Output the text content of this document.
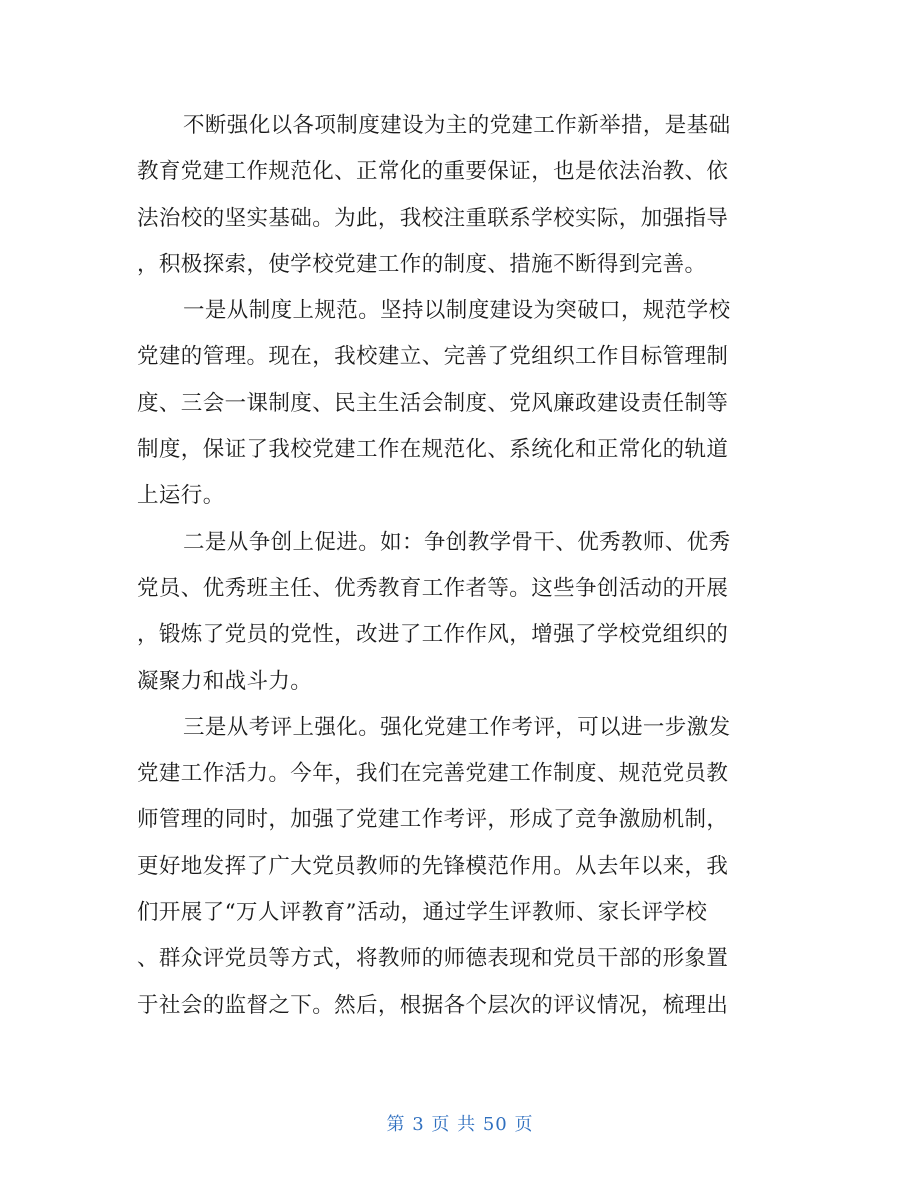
不断强化以各项制度建设为主的党建工作新举措，是基础
教育党建工作规范化、正常化的重要保证，也是依法治教、依
法治校的坚实基础。为此，我校注重联系学校实际，加强指导
，积极探索，使学校党建工作的制度、措施不断得到完善。
一是从制度上规范。坚持以制度建设为突破口，规范学校
党建的管理。现在，我校建立、完善了党组织工作目标管理制
度、三会一课制度、民主生活会制度、党风廉政建设责任制等
制度，保证了我校党建工作在规范化、系统化和正常化的轨道
上运行。
二是从争创上促进。如：争创教学骨干、优秀教师、优秀
党员、优秀班主任、优秀教育工作者等。这些争创活动的开展
，锻炼了党员的党性，改进了工作作风，增强了学校党组织的
凝聚力和战斗力。
三是从考评上强化。强化党建工作考评，可以进一步激发
党建工作活力。今年，我们在完善党建工作制度、规范党员教
师管理的同时，加强了党建工作考评，形成了竞争激励机制，
更好地发挥了广大党员教师的先锋模范作用。从去年以来，我
们开展了“万人评教育”活动，通过学生评教师、家长评学校
、群众评党员等方式，将教师的师德表现和党员干部的形象置
于社会的监督之下。然后，根据各个层次的评议情况，梳理出
第 3 页 共 50 页
